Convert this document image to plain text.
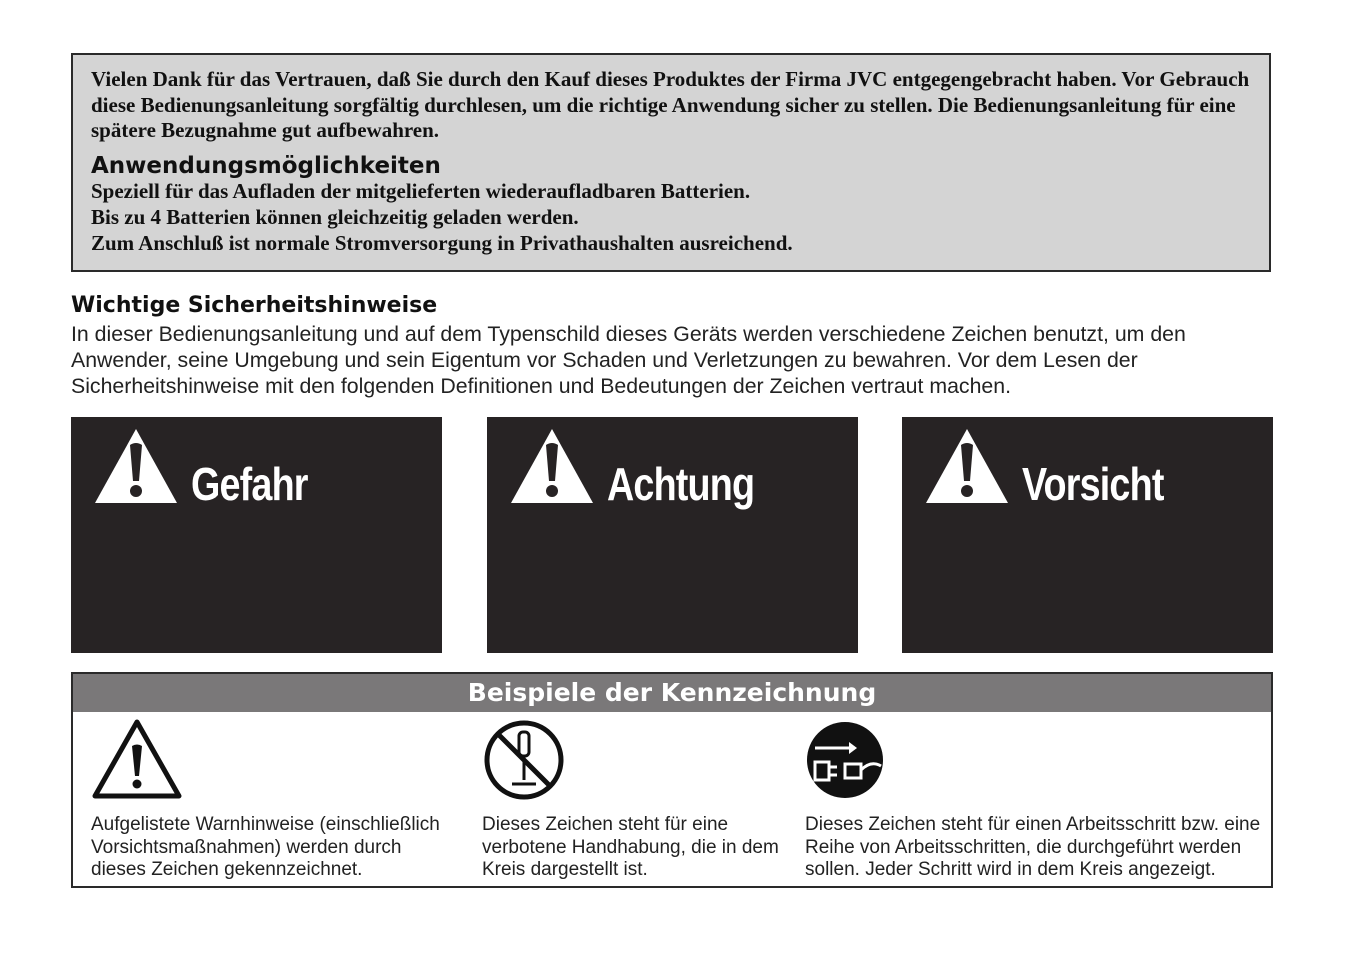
Vielen Dank für das Vertrauen, daß Sie durch den Kauf dieses Produktes der Firma JVC entgegengebracht haben. Vor Gebrauch diese Bedienungsanleitung sorgfältig durchlesen, um die richtige Anwendung sicher zu stellen. Die Bedienungsanleitung für eine spätere Bezugnahme gut aufbewahren.

Anwendungsmöglichkeiten
Speziell für das Aufladen der mitgelieferten wiederaufladbaren Batterien.
Bis zu 4 Batterien können gleichzeitig geladen werden.
Zum Anschluß ist normale Stromversorgung in Privathaushalten ausreichend.
Wichtige Sicherheitshinweise

In dieser Bedienungsanleitung und auf dem Typenschild dieses Geräts werden verschiedene Zeichen benutzt, um den Anwender, seine Umgebung und sein Eigentum vor Schaden und Verletzungen zu bewahren. Vor dem Lesen der Sicherheitshinweise mit den folgenden Definitionen und Bedeutungen der Zeichen vertraut machen.

Gefahr	Achtung	Vorsicht
Beispiele der Kennzeichnung

Aufgelistete Warnhinweise (einschließlich Vorsichtsmaßnahmen) werden durch dieses Zeichen gekennzeichnet.

Dieses Zeichen steht für eine verbotene Handhabung, die in dem Kreis dargestellt ist.

Dieses Zeichen steht für einen Arbeitsschritt bzw. eine Reihe von Arbeitsschritten, die durchgeführt werden sollen. Jeder Schritt wird in dem Kreis angezeigt.
